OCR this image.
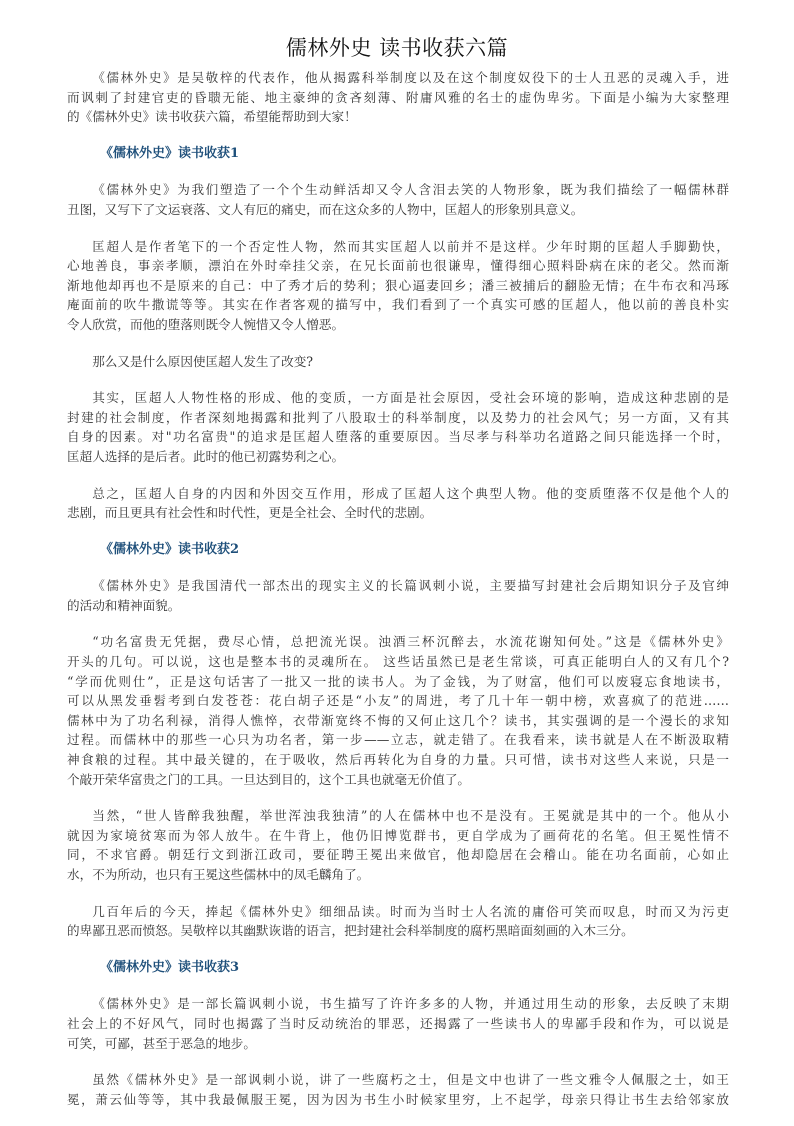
儒林外史 读书收获六篇
《儒林外史》是吴敬梓的代表作，他从揭露科举制度以及在这个制度奴役下的士人丑恶的灵魂入手，进
而讽刺了封建官吏的昏聩无能、地主豪绅的贪吝刻薄、附庸风雅的名士的虚伪卑劣。下面是小编为大家整理
的《儒林外史》读书收获六篇，希望能帮助到大家！
《儒林外史》读书收获1
《儒林外史》为我们塑造了一个个生动鲜活却又令人含泪去笑的人物形象，既为我们描绘了一幅儒林群
丑图，又写下了文运衰落、文人有厄的痛史，而在这众多的人物中，匡超人的形象别具意义。
匡超人是作者笔下的一个否定性人物，然而其实匡超人以前并不是这样。少年时期的匡超人手脚勤快，
心地善良，事亲孝顺，漂泊在外时牵挂父亲，在兄长面前也很谦卑，懂得细心照料卧病在床的老父。然而渐
渐地他却再也不是原来的自己：中了秀才后的势利；狠心逼妻回乡；潘三被捕后的翻脸无情；在牛布衣和冯琢
庵面前的吹牛撒谎等等。其实在作者客观的描写中，我们看到了一个真实可感的匡超人，他以前的善良朴实
令人欣赏，而他的堕落则既令人惋惜又令人憎恶。
那么又是什么原因使匡超人发生了改变?
其实，匡超人人物性格的形成、他的变质，一方面是社会原因，受社会环境的影响，造成这种悲剧的是
封建的社会制度，作者深刻地揭露和批判了八股取士的科举制度，以及势力的社会风气；另一方面，又有其
自身的因素。对"功名富贵"的追求是匡超人堕落的重要原因。当尽孝与科举功名道路之间只能选择一个时，
匡超人选择的是后者。此时的他已初露势利之心。
总之，匡超人自身的内因和外因交互作用，形成了匡超人这个典型人物。他的变质堕落不仅是他个人的
悲剧，而且更具有社会性和时代性，更是全社会、全时代的悲剧。
《儒林外史》读书收获2
《儒林外史》是我国清代一部杰出的现实主义的长篇讽刺小说，主要描写封建社会后期知识分子及官绅
的活动和精神面貌。
“功名富贵无凭据，费尽心情，总把流光误。浊酒三杯沉醉去，水流花谢知何处。”这是《儒林外史》
开头的几句。可以说，这也是整本书的灵魂所在。 这些话虽然已是老生常谈，可真正能明白人的又有几个?
“学而优则仕”，正是这句话害了一批又一批的读书人。为了金钱，为了财富，他们可以废寝忘食地读书，
可以从黑发垂髫考到白发苍苍：花白胡子还是“小友”的周进，考了几十年一朝中榜，欢喜疯了的范进……
儒林中为了功名利禄，消得人憔悴，衣带渐宽终不悔的又何止这几个？读书，其实强调的是一个漫长的求知
过程。而儒林中的那些一心只为功名者，第一步——立志，就走错了。在我看来，读书就是人在不断汲取精
神食粮的过程。其中最关键的，在于吸收，然后再转化为自身的力量。只可惜，读书对这些人来说，只是一
个敲开荣华富贵之门的工具。一旦达到目的，这个工具也就毫无价值了。
当然，“世人皆醉我独醒，举世浑浊我独清”的人在儒林中也不是没有。王冕就是其中的一个。他从小
就因为家境贫寒而为邻人放牛。在牛背上，他仍旧博览群书，更自学成为了画荷花的名笔。但王冕性情不
同，不求官爵。朝廷行文到浙江政司，要征聘王冕出来做官，他却隐居在会稽山。能在功名面前，心如止
水，不为所动，也只有王冕这些儒林中的凤毛麟角了。
几百年后的今天，捧起《儒林外史》细细品读。时而为当时士人名流的庸俗可笑而叹息，时而又为污吏
的卑鄙丑恶而愤怒。吴敬梓以其幽默诙谐的语言，把封建社会科举制度的腐朽黑暗面刻画的入木三分。
《儒林外史》读书收获3
《儒林外史》是一部长篇讽刺小说，书生描写了许许多多的人物，并通过用生动的形象，去反映了末期
社会上的不好风气，同时也揭露了当时反动统治的罪恶，还揭露了一些读书人的卑鄙手段和作为，可以说是
可笑，可鄙，甚至于恶急的地步。
虽然《儒林外史》是一部讽刺小说，讲了一些腐朽之士，但是文中也讲了一些文雅令人佩服之士，如王
冕，萧云仙等等，其中我最佩服王冕，因为因为书生小时候家里穷，上不起学，母亲只得让书生去给邻家放
